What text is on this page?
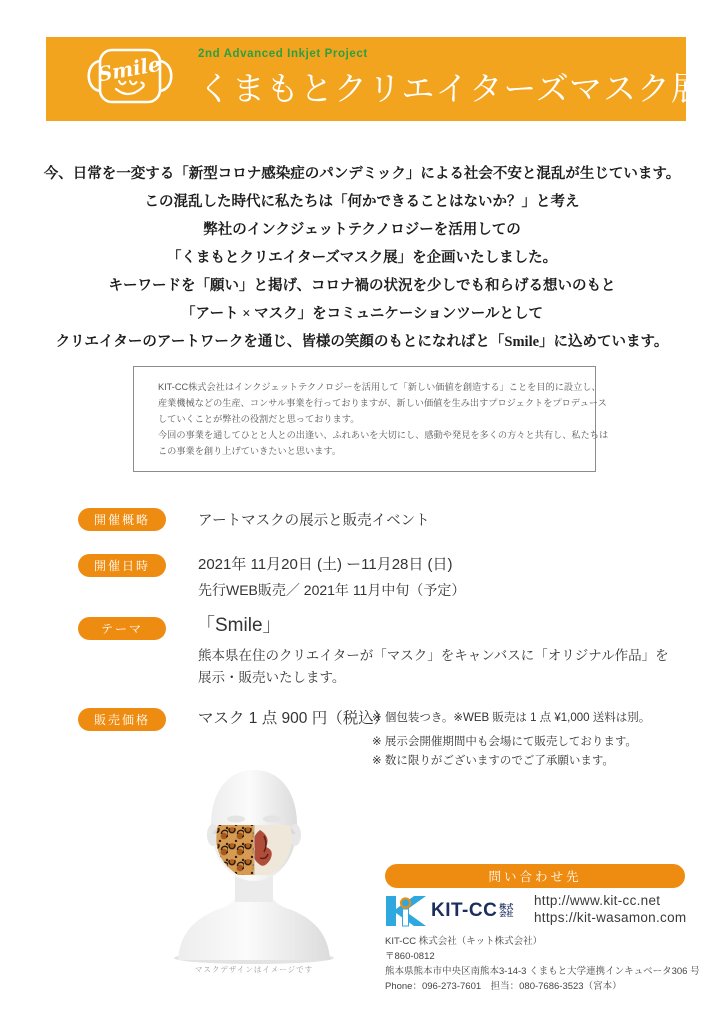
Smile	2nd Advanced Inkjet Project
くまもとクリエイターズマスク展
今、日常を一変する「新型コロナ感染症のパンデミック」による社会不安と混乱が生じています。
この混乱した時代に私たちは「何かできることはないか？」と考え
弊社のインクジェットテクノロジーを活用しての
「くまもとクリエイターズマスク展」を企画いたしました。
キーワードを「願い」と掲げ、コロナ禍の状況を少しでも和らげる想いのもと
「アート × マスク」をコミュニケーションツールとして
クリエイターのアートワークを通じ、皆様の笑顔のもとになればと「Smile」に込めています。
KIT-CC株式会社はインクジェットテクノロジーを活用して「新しい価値を創造する」ことを目的に設立し、
産業機械などの生産、コンサル事業を行っておりますが、新しい価値を生み出すプロジェクトをプロデュース
していくことが弊社の役割だと思っております。
今回の事業を通してひとと人との出逢い、ふれあいを大切にし、感動や発見を多くの方々と共有し、私たちは
この事業を創り上げていきたいと思います。
開催概略	アートマスクの展示と販売イベント
開催日時	2021年 11月20日 (土) ー11月28日 (日)
先行WEB販売／ 2021年 11月中旬（予定）
テーマ	「Smile」
熊本県在住のクリエイターが「マスク」をキャンバスに「オリジナル作品」を
展示・販売いたします。
販売価格	マスク 1 点 900 円（税込）
※ 個包装つき。※WEB 販売は 1 点 ¥1,000 送料は別。
※ 展示会開催期間中も会場にて販売しております。
※ 数に限りがございますのでご了承願います。
マスクデザインはイメージです
問い合わせ先
KIT-CC 株式会社
http://www.kit-cc.net
https://kit-wasamon.com
KIT-CC 株式会社（キット株式会社）
〒860-0812
熊本県熊本市中央区南熊本3-14-3 くまもと大学連携インキュベータ306 号
Phone：096-273-7601　担当：080-7686-3523（宮本）
